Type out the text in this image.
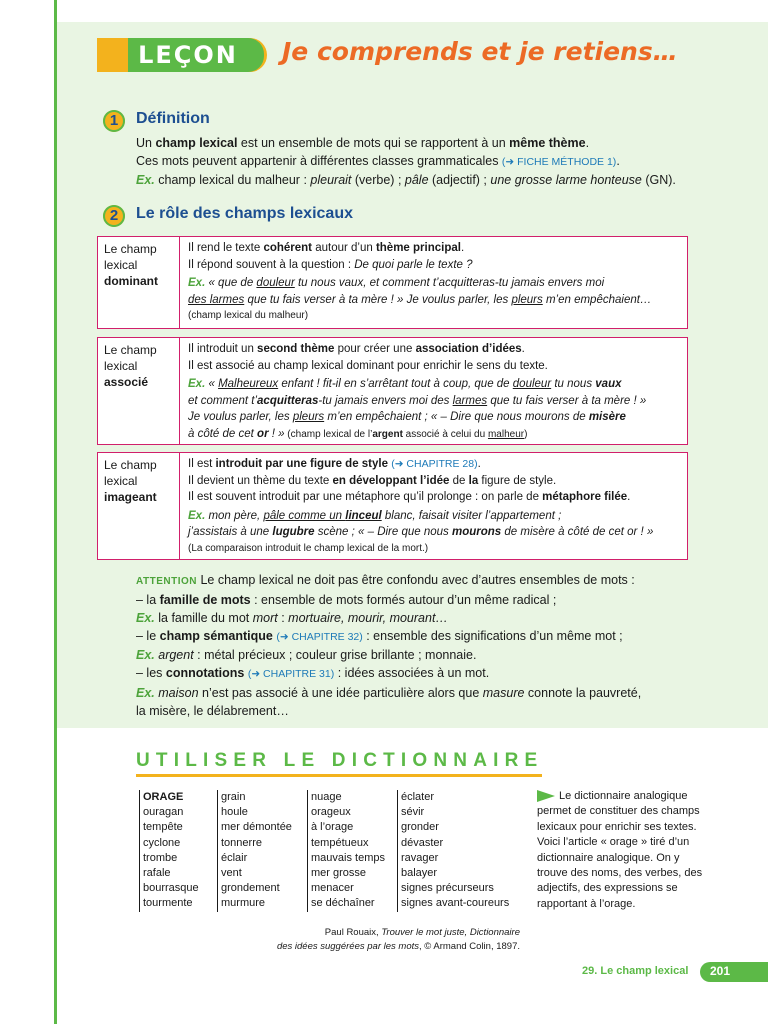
LEÇON Je comprends et je retiens…
1	Définition

Un champ lexical est un ensemble de mots qui se rapportent à un même thème.

Ces mots peuvent appartenir à différentes classes grammaticales (➜ FICHE MÉTHODE 1).

Ex. champ lexical du malheur : pleurait (verbe) ; pâle (adjectif) ; une grosse larme honteuse (GN).

2	Le rôle des champs lexicaux
Le champ
lexical
dominant

Il rend le texte cohérent autour d’un thème principal.

Il répond souvent à la question : De quoi parle le texte ?

Ex. « que de douleur tu nous vaux, et comment t’acquitteras-tu jamais envers moi

des larmes que tu fais verser à ta mère ! » Je voulus parler, les pleurs m’en empêchaient…

(champ lexical du malheur)

Le champ
lexical
associé

Il introduit un second thème pour créer une association d’idées.

Il est associé au champ lexical dominant pour enrichir le sens du texte.

Ex. « Malheureux enfant ! fit-il en s’arrêtant tout à coup, que de douleur tu nous vaux

et comment t’acquitteras-tu jamais envers moi des larmes que tu fais verser à ta mère ! »

Je voulus parler, les pleurs m’en empêchaient ; « – Dire que nous mourons de misère

à côté de cet or ! » (champ lexical de l’argent associé à celui du malheur)

Le champ
lexical
imageant

Il est introduit par une figure de style (➜ CHAPITRE 28).

Il devient un thème du texte en développant l’idée de la figure de style.

Il est souvent introduit par une métaphore qu’il prolonge : on parle de métaphore filée.

Ex. mon père, pâle comme un linceul blanc, faisait visiter l’appartement ;

j’assistais à une lugubre scène ; « – Dire que nous mourons de misère à côté de cet or ! »

(La comparaison introduit le champ lexical de la mort.)

ATTENTION Le champ lexical ne doit pas être confondu avec d’autres ensembles de mots :

– la famille de mots : ensemble de mots formés autour d’un même radical ;

Ex. la famille du mot mort : mortuaire, mourir, mourant…

– le champ sémantique (➜ CHAPITRE 32) : ensemble des significations d’un même mot ;

Ex. argent : métal précieux ; couleur grise brillante ; monnaie.

– les connotations (➜ CHAPITRE 31) : idées associées à un mot.

Ex. maison n’est pas associé à une idée particulière alors que masure connote la pauvreté,

la misère, le délabrement…

UTILISER LE DICTIONNAIRE
ORAGE
ouragan
tempête
cyclone
trombe
rafale
bourrasque
tourmente
grain
houle
mer démontée
tonnerre
éclair
vent
grondement
murmure
nuage
orageux
à l’orage
tempétueux
mauvais temps
mer grosse
menacer
se déchaîner
éclater
sévir
gronder
dévaster
ravager
balayer
signes précurseurs
signes avant-coureurs

Paul Rouaix, Trouver le mot juste, Dictionnaire

des idées suggérées par les mots, © Armand Colin, 1897.

Le dictionnaire analogique permet de constituer des champs lexicaux pour enrichir ses textes. Voici l’article « orage » tiré d’un dictionnaire analogique. On y trouve des noms, des verbes, des adjectifs, des expressions se rapportant à l’orage.
29. Le champ lexical 201
